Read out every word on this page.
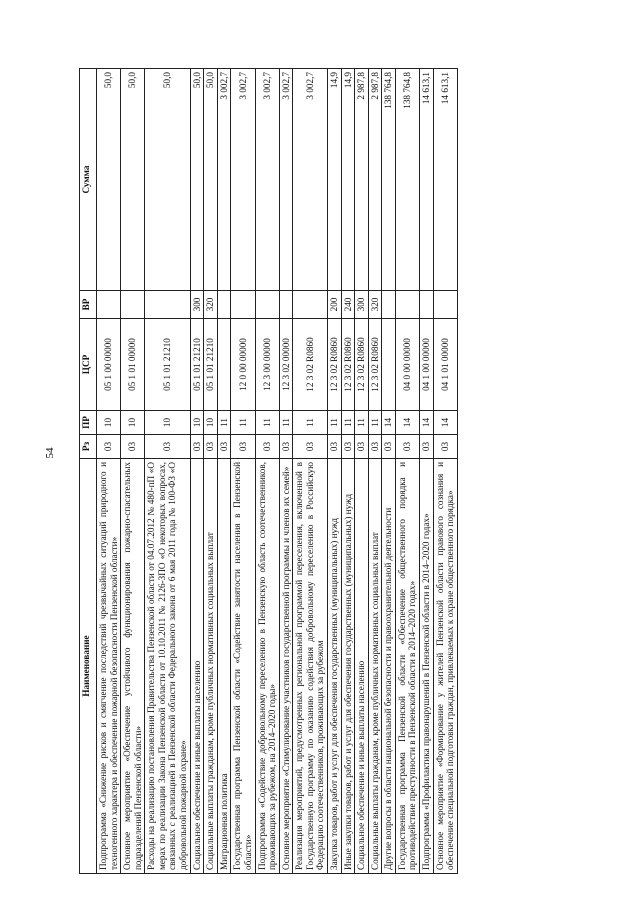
54
Наименование	Рз	ПР	ЦСР	ВР	Сумма
Подпрограмма «Снижение рисков и смягчение последствий чрезвычайных ситуаций природного и техногенного характера и обеспечение пожарной безопасности Пензенской области»	03	10	05 1 00 00000		50,0
Основное мероприятие «Обеспечение устойчивого функционирования пожарно-спасательных подразделений Пензенской области»	03	10	05 1 01 00000		50,0
Расходы на реализацию постановления Правительства Пензенской области от 04.07.2012 № 480-пП «О мерах по реализации Закона Пензенской области от 10.10.2011 № 2126-ЗПО «О некоторых вопросах, связанных с реализацией в Пензенской области Федерального закона от 6 мая 2011 года № 100-ФЗ «О добровольной пожарной охране»	03	10	05 1 01 21210		50,0
Социальное обеспечение и иные выплаты населению	03	10	05 1 01 21210	300	50,0
Социальные выплаты гражданам, кроме публичных нормативных социальных выплат	03	10	05 1 01 21210	320	50,0
Миграционная политика	03	11			3 002,7
Государственная программа Пензенской области «Содействие занятости населения в Пензенской области»	03	11	12 0 00 00000		3 002,7
Подпрограмма «Содействие добровольному переселению в Пензенскую область соотечественников, проживающих за рубежом, на 2014–2020 годы»	03	11	12 3 00 00000		3 002,7
Основное мероприятие «Стимулирование участников государственной программы и членов их семей»	03	11	12 3 02 00000		3 002,7
Реализация мероприятий, предусмотренных региональной программой переселения, включенной в Государственную программу по оказанию содействия добровольному переселению в Российскую Федерацию соотечественников, проживающих за рубежом	03	11	12 3 02 R0860		3 002,7
Закупка товаров, работ и услуг для обеспечения государственных (муниципальных) нужд	03	11	12 3 02 R0860	200	14,9
Иные закупки товаров, работ и услуг для обеспечения государственных (муниципальных) нужд	03	11	12 3 02 R0860	240	14,9
Социальное обеспечение и иные выплаты населению	03	11	12 3 02 R0860	300	2 987,8
Социальные выплаты гражданам, кроме публичных нормативных социальных выплат	03	11	12 3 02 R0860	320	2 987,8
Другие вопросы в области национальной безопасности и правоохранительной деятельности	03	14			138 764,8
Государственная программа Пензенской области «Обеспечение общественного порядка и противодействие преступности в Пензенской области в 2014–2020 годах»	03	14	04 0 00 00000		138 764,8
Подпрограмма «Профилактика правонарушений в Пензенской области в 2014–2020 годах»	03	14	04 1 00 00000		14 613,1
Основное мероприятие «Формирование у жителей Пензенской области правового сознания и обеспечение специальной подготовки граждан, привлекаемых к охране общественного порядка»	03	14	04 1 01 00000		14 613,1
